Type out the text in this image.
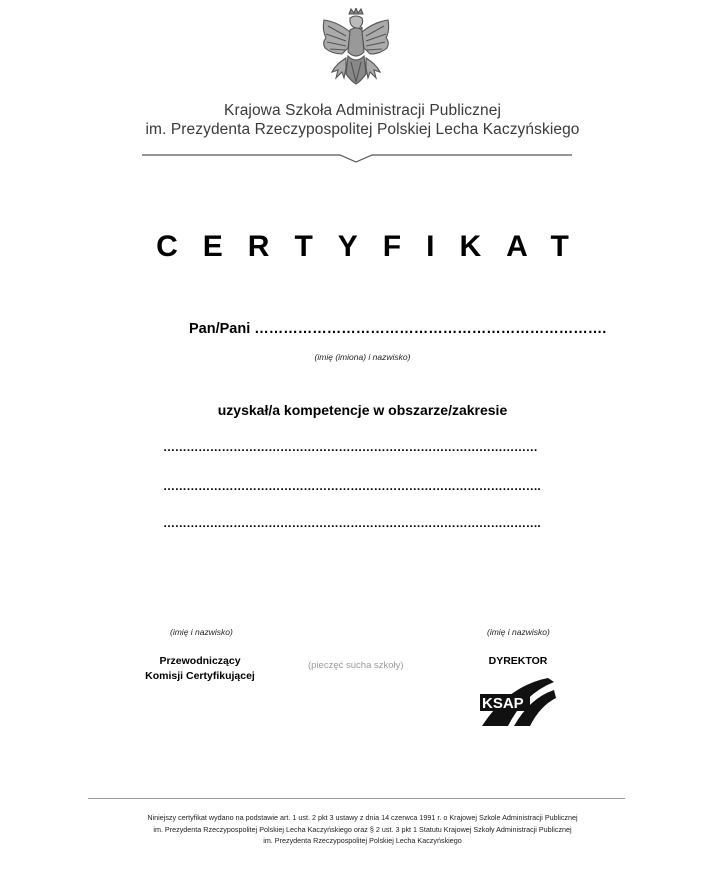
Krajowa Szkoła Administracji Publicznej
im. Prezydenta Rzeczypospolitej Polskiej Lecha Kaczyńskiego
CERTYFIKAT
Pan/Pani ……………………………………………………………….
(imię (imiona) i nazwisko)
uzyskał/a kompetencje w obszarze/zakresie
……………………………………………………………………………………
…………………………………………………………………………………….
…………………………………………………………………………………….
(imię i nazwisko)	(imię i nazwisko)
Przewodniczący
Komisji Certyfikującej
(pieczęć sucha szkoły)	DYREKTOR
KSAP
Niniejszy certyfikat wydano na podstawie art. 1 ust. 2 pkt 3 ustawy z dnia 14 czerwca 1991 r. o Krajowej Szkole Administracji Publicznej
im. Prezydenta Rzeczypospolitej Polskiej Lecha Kaczyńskiego oraz § 2 ust. 3 pkt 1 Statutu Krajowej Szkoły Administracji Publicznej
im. Prezydenta Rzeczypospolitej Polskiej Lecha Kaczyńskiego
